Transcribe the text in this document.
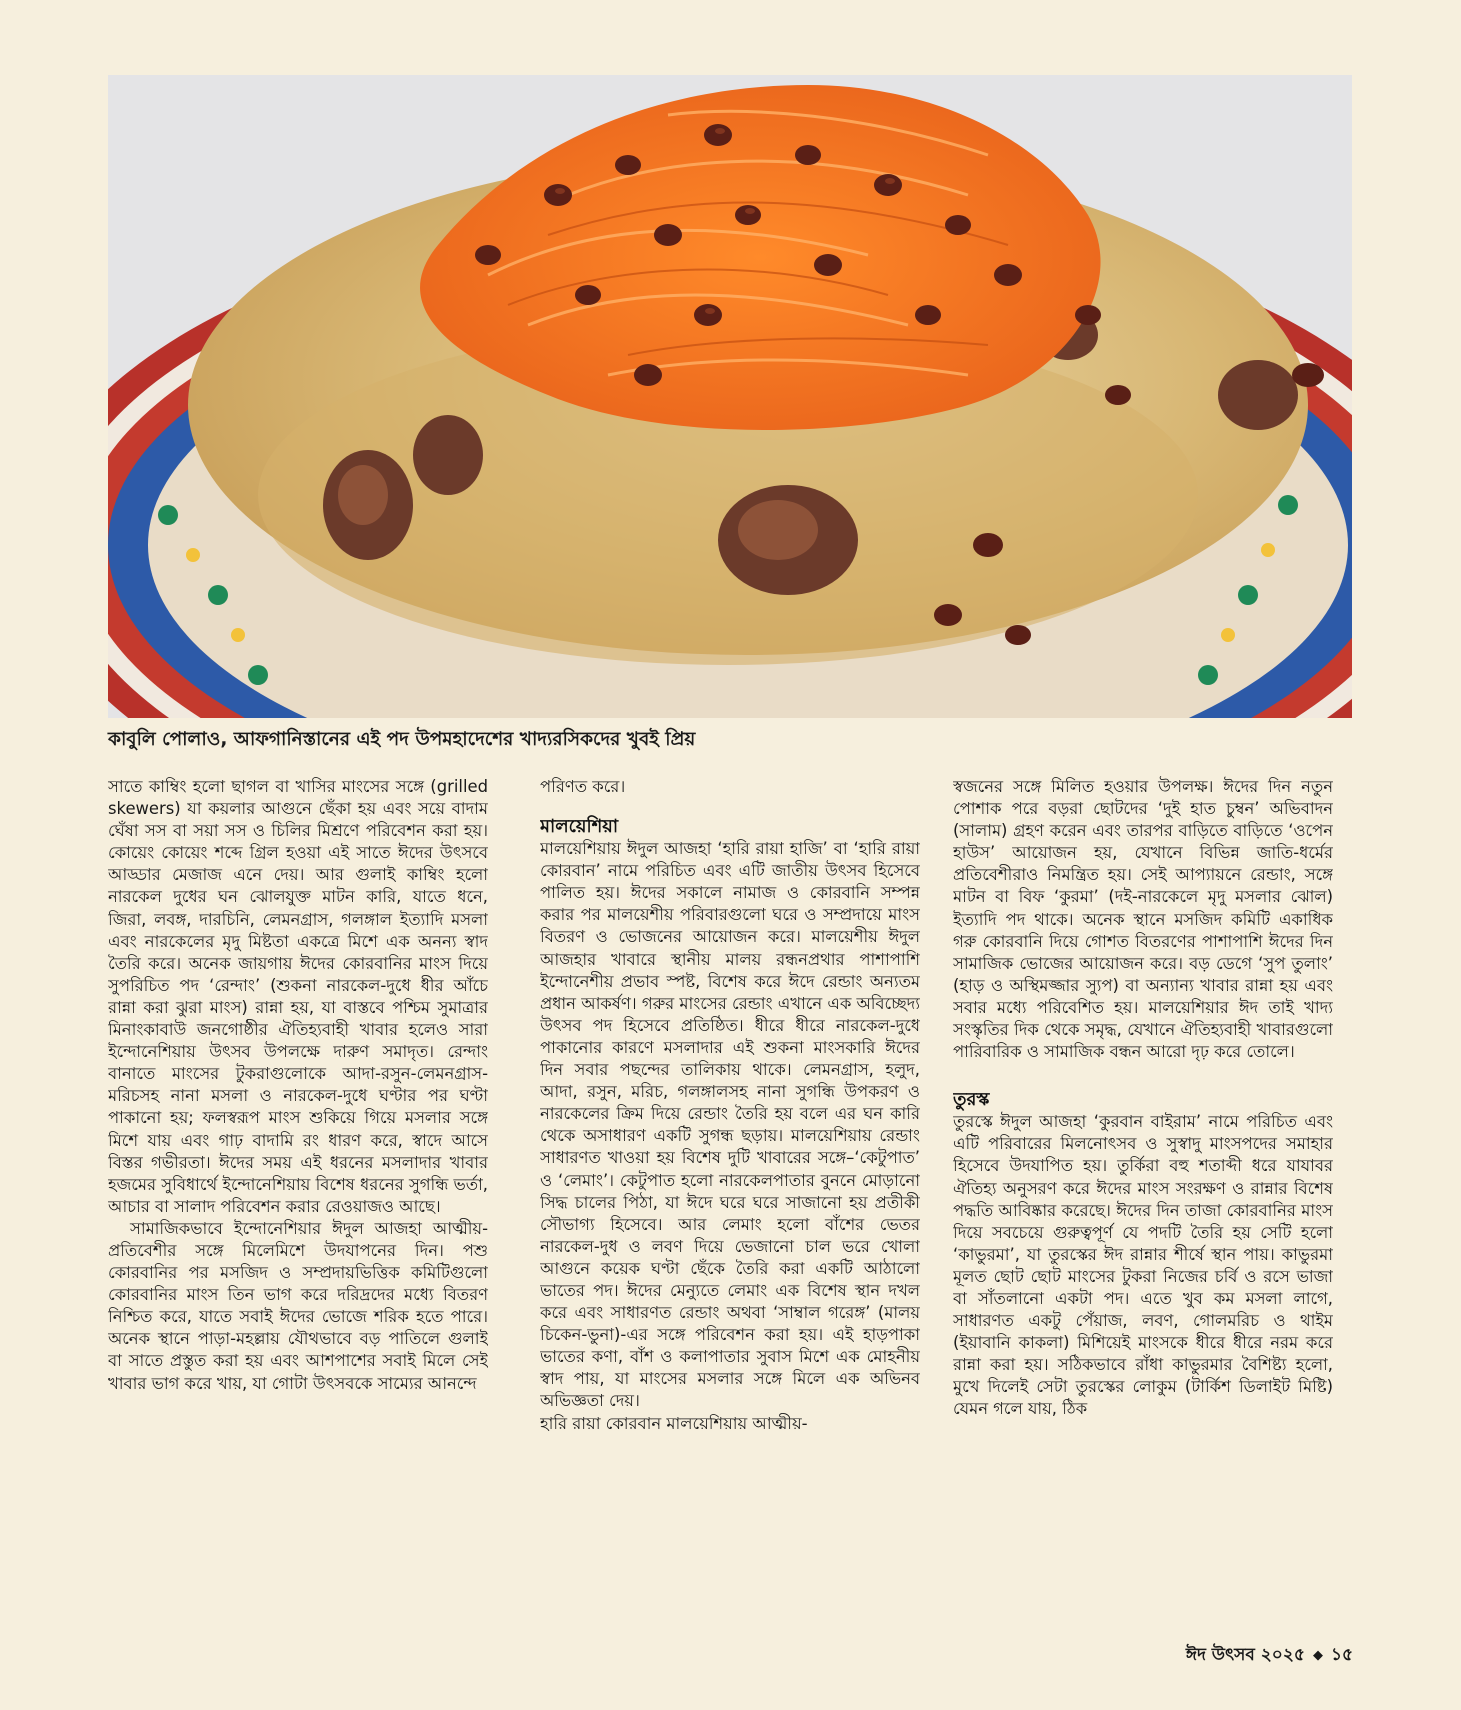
কাবুলি পোলাও, আফগানিস্তানের এই পদ উপমহাদেশের খাদ্যরসিকদের খুবই প্রিয়

সাতে কাম্বিং হলো ছাগল বা খাসির মাংসের সঙ্গে (grilled skewers) যা কয়লার আগুনে ছেঁকা হয় এবং সয়ে বাদাম ঘেঁষা সস বা সয়া সস ও চিলির মিশ্রণে পরিবেশন করা হয়। কোয়েং কোয়েং শব্দে গ্রিল হওয়া এই সাতে ঈদের উৎসবে আড্ডার মেজাজ এনে দেয়। আর গুলাই কাম্বিং হলো নারকেল দুধের ঘন ঝোলযুক্ত মাটন কারি, যাতে ধনে, জিরা, লবঙ্গ, দারচিনি, লেমনগ্রাস, গলঙ্গাল ইত্যাদি মসলা এবং নারকেলের মৃদু মিষ্টতা একত্রে মিশে এক অনন্য স্বাদ তৈরি করে। অনেক জায়গায় ঈদের কোরবানির মাংস দিয়ে সুপরিচিত পদ ‘রেন্দাং’ (শুকনা নারকেল-দুধে ধীর আঁচে রান্না করা ঝুরা মাংস) রান্না হয়, যা বাস্তবে পশ্চিম সুমাত্রার মিনাংকাবাউ জনগোষ্ঠীর ঐতিহ্যবাহী খাবার হলেও সারা ইন্দোনেশিয়ায় উৎসব উপলক্ষে দারুণ সমাদৃত। রেন্দাং বানাতে মাংসের টুকরাগুলোকে আদা-রসুন-লেমনগ্রাস-মরিচসহ নানা মসলা ও নারকেল-দুধে ঘণ্টার পর ঘণ্টা পাকানো হয়; ফলস্বরূপ মাংস শুকিয়ে গিয়ে মসলার সঙ্গে মিশে যায় এবং গাঢ় বাদামি রং ধারণ করে, স্বাদে আসে বিস্তর গভীরতা। ঈদের সময় এই ধরনের মসলাদার খাবার হজমের সুবিধার্থে ইন্দোনেশিয়ায় বিশেষ ধরনের সুগন্ধি ভর্তা, আচার বা সালাদ পরিবেশন করার রেওয়াজও আছে।

সামাজিকভাবে ইন্দোনেশিয়ার ঈদুল আজহা আত্মীয়-প্রতিবেশীর সঙ্গে মিলেমিশে উদযাপনের দিন। পশু কোরবানির পর মসজিদ ও সম্প্রদায়ভিত্তিক কমিটিগুলো কোরবানির মাংস তিন ভাগ করে দরিদ্রদের মধ্যে বিতরণ নিশ্চিত করে, যাতে সবাই ঈদের ভোজে শরিক হতে পারে। অনেক স্থানে পাড়া-মহল্লায় যৌথভাবে বড় পাতিলে গুলাই বা সাতে প্রস্তুত করা হয় এবং আশপাশের সবাই মিলে সেই খাবার ভাগ করে খায়, যা গোটা উৎসবকে সাম্যের আনন্দে

পরিণত করে।

মালয়েশিয়া

মালয়েশিয়ায় ঈদুল আজহা ‘হারি রায়া হাজি’ বা ‘হারি রায়া কোরবান’ নামে পরিচিত এবং এটি জাতীয় উৎসব হিসেবে পালিত হয়। ঈদের সকালে নামাজ ও কোরবানি সম্পন্ন করার পর মালয়েশীয় পরিবারগুলো ঘরে ও সম্প্রদায়ে মাংস বিতরণ ও ভোজনের আয়োজন করে। মালয়েশীয় ঈদুল আজহার খাবারে স্থানীয় মালয় রন্ধনপ্রথার পাশাপাশি ইন্দোনেশীয় প্রভাব স্পষ্ট, বিশেষ করে ঈদে রেন্ডাং অন্যতম প্রধান আকর্ষণ। গরুর মাংসের রেন্ডাং এখানে এক অবিচ্ছেদ্য উৎসব পদ হিসেবে প্রতিষ্ঠিত। ধীরে ধীরে নারকেল-দুধে পাকানোর কারণে মসলাদার এই শুকনা মাংসকারি ঈদের দিন সবার পছন্দের তালিকায় থাকে। লেমনগ্রাস, হলুদ, আদা, রসুন, মরিচ, গলঙ্গালসহ নানা সুগন্ধি উপকরণ ও নারকেলের ক্রিম দিয়ে রেন্ডাং তৈরি হয় বলে এর ঘন কারি থেকে অসাধারণ একটি সুগন্ধ ছড়ায়। মালয়েশিয়ায় রেন্ডাং সাধারণত খাওয়া হয় বিশেষ দুটি খাবারের সঙ্গে–‘কেটুপাত’ ও ‘লেমাং’। কেটুপাত হলো নারকেলপাতার বুননে মোড়ানো সিদ্ধ চালের পিঠা, যা ঈদে ঘরে ঘরে সাজানো হয় প্রতীকী সৌভাগ্য হিসেবে। আর লেমাং হলো বাঁশের ভেতর নারকেল-দুধ ও লবণ দিয়ে ভেজানো চাল ভরে খোলা আগুনে কয়েক ঘণ্টা ছেঁকে তৈরি করা একটি আঠালো ভাতের পদ। ঈদের মেন্যুতে লেমাং এক বিশেষ স্থান দখল করে এবং সাধারণত রেন্ডাং অথবা ‘সাম্বাল গরেঙ্গ’ (মালয় চিকেন-ভুনা)-এর সঙ্গে পরিবেশন করা হয়। এই হাড়পাকা ভাতের কণা, বাঁশ ও কলাপাতার সুবাস মিশে এক মোহনীয় স্বাদ পায়, যা মাংসের মসলার সঙ্গে মিলে এক অভিনব অভিজ্ঞতা দেয়।

হারি রায়া কোরবান মালয়েশিয়ায় আত্মীয়-

স্বজনের সঙ্গে মিলিত হওয়ার উপলক্ষ। ঈদের দিন নতুন পোশাক পরে বড়রা ছোটদের ‘দুই হাত চুম্বন’ অভিবাদন (সালাম) গ্রহণ করেন এবং তারপর বাড়িতে বাড়িতে ‘ওপেন হাউস’ আয়োজন হয়, যেখানে বিভিন্ন জাতি-ধর্মের প্রতিবেশীরাও নিমন্ত্রিত হয়। সেই আপ্যায়নে রেন্ডাং, সঙ্গে মাটন বা বিফ ‘কুরমা’ (দই-নারকেলে মৃদু মসলার ঝোল) ইত্যাদি পদ থাকে। অনেক স্থানে মসজিদ কমিটি একাধিক গরু কোরবানি দিয়ে গোশত বিতরণের পাশাপাশি ঈদের দিন সামাজিক ভোজের আয়োজন করে। বড় ডেগে ‘সুপ তুলাং’ (হাড় ও অস্থিমজ্জার স্যুপ) বা অন্যান্য খাবার রান্না হয় এবং সবার মধ্যে পরিবেশিত হয়। মালয়েশিয়ার ঈদ তাই খাদ্য সংস্কৃতির দিক থেকে সমৃদ্ধ, যেখানে ঐতিহ্যবাহী খাবারগুলো পারিবারিক ও সামাজিক বন্ধন আরো দৃঢ় করে তোলে।

তুরস্ক

তুরস্কে ঈদুল আজহা ‘কুরবান বাইরাম’ নামে পরিচিত এবং এটি পরিবারের মিলনোৎসব ও সুস্বাদু মাংসপদের সমাহার হিসেবে উদযাপিত হয়। তুর্কিরা বহু শতাব্দী ধরে যাযাবর ঐতিহ্য অনুসরণ করে ঈদের মাংস সংরক্ষণ ও রান্নার বিশেষ পদ্ধতি আবিষ্কার করেছে। ঈদের দিন তাজা কোরবানির মাংস দিয়ে সবচেয়ে গুরুত্বপূর্ণ যে পদটি তৈরি হয় সেটি হলো ‘কাভুরমা’, যা তুরস্কের ঈদ রান্নার শীর্ষে স্থান পায়। কাভুরমা মূলত ছোট ছোট মাংসের টুকরা নিজের চর্বি ও রসে ভাজা বা সাঁতলানো একটা পদ। এতে খুব কম মসলা লাগে, সাধারণত একটু পেঁয়াজ, লবণ, গোলমরিচ ও থাইম (ইয়াবানি কাকলা) মিশিয়েই মাংসকে ধীরে ধীরে নরম করে রান্না করা হয়। সঠিকভাবে রাঁধা কাভুরমার বৈশিষ্ট্য হলো, মুখে দিলেই সেটা তুরস্কের লোকুম (টার্কিশ ডিলাইট মিষ্টি) যেমন গলে যায়, ঠিক

ঈদ উৎসব ২০২৫ ◆ ১৫
